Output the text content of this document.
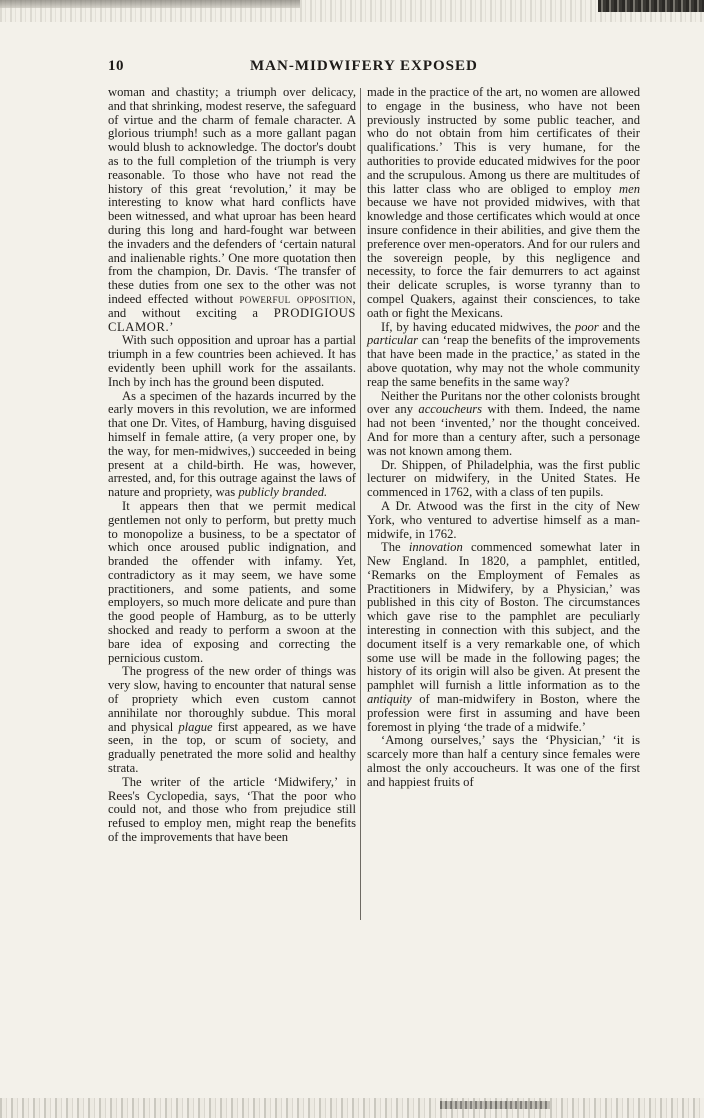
10	MAN-MIDWIFERY EXPOSED

woman and chastity; a triumph over delicacy, and that shrinking, modest reserve, the safeguard of virtue and the charm of female character. A glorious triumph! such as a more gallant pagan would blush to acknowledge. The doctor's doubt as to the full completion of the triumph is very reasonable. To those who have not read the history of this great ‘revolution,’ it may be interesting to know what hard conflicts have been witnessed, and what uproar has been heard during this long and hard-fought war between the invaders and the defenders of ‘certain natural and inalienable rights.’ One more quotation then from the champion, Dr. Davis. ‘The transfer of these duties from one sex to the other was not indeed effected without powerful opposition, and without exciting a PRODIGIOUS CLAMOR.’

With such opposition and uproar has a partial triumph in a few countries been achieved. It has evidently been uphill work for the assailants. Inch by inch has the ground been disputed.

As a specimen of the hazards incurred by the early movers in this revolution, we are informed that one Dr. Vites, of Hamburg, having disguised himself in female attire, (a very proper one, by the way, for men-midwives,) succeeded in being present at a child-birth. He was, however, arrested, and, for this outrage against the laws of nature and propriety, was publicly branded.

It appears then that we permit medical gentlemen not only to perform, but pretty much to monopolize a business, to be a spectator of which once aroused public indignation, and branded the offender with infamy. Yet, contradictory as it may seem, we have some practitioners, and some patients, and some employers, so much more delicate and pure than the good people of Hamburg, as to be utterly shocked and ready to perform a swoon at the bare idea of exposing and correcting the pernicious custom.

The progress of the new order of things was very slow, having to encounter that natural sense of propriety which even custom cannot annihilate nor thoroughly subdue. This moral and physical plague first appeared, as we have seen, in the top, or scum of society, and gradually penetrated the more solid and healthy strata.

The writer of the article ‘Midwifery,’ in Rees's Cyclopedia, says, ‘That the poor who could not, and those who from prejudice still refused to employ men, might reap the benefits of the improvements that have been

made in the practice of the art, no women are allowed to engage in the business, who have not been previously instructed by some public teacher, and who do not obtain from him certificates of their qualifications.’ This is very humane, for the authorities to provide educated midwives for the poor and the scrupulous. Among us there are multitudes of this latter class who are obliged to employ men because we have not provided midwives, with that knowledge and those certificates which would at once insure confidence in their abilities, and give them the preference over men-operators. And for our rulers and the sovereign people, by this negligence and necessity, to force the fair demurrers to act against their delicate scruples, is worse tyranny than to compel Quakers, against their consciences, to take oath or fight the Mexicans.

If, by having educated midwives, the poor and the particular can ‘reap the benefits of the improvements that have been made in the practice,’ as stated in the above quotation, why may not the whole community reap the same benefits in the same way?

Neither the Puritans nor the other colonists brought over any accoucheurs with them. Indeed, the name had not been ‘invented,’ nor the thought conceived. And for more than a century after, such a personage was not known among them.

Dr. Shippen, of Philadelphia, was the first public lecturer on midwifery, in the United States. He commenced in 1762, with a class of ten pupils.

A Dr. Atwood was the first in the city of New York, who ventured to advertise himself as a man-midwife, in 1762.

The innovation commenced somewhat later in New England. In 1820, a pamphlet, entitled, ‘Remarks on the Employment of Females as Practitioners in Midwifery, by a Physician,’ was published in this city of Boston. The circumstances which gave rise to the pamphlet are peculiarly interesting in connection with this subject, and the document itself is a very remarkable one, of which some use will be made in the following pages; the history of its origin will also be given. At present the pamphlet will furnish a little information as to the antiquity of man-midwifery in Boston, where the profession were first in assuming and have been foremost in plying ‘the trade of a midwife.’

‘Among ourselves,’ says the ‘Physician,’ ‘it is scarcely more than half a century since females were almost the only accoucheurs. It was one of the first and happiest fruits of
